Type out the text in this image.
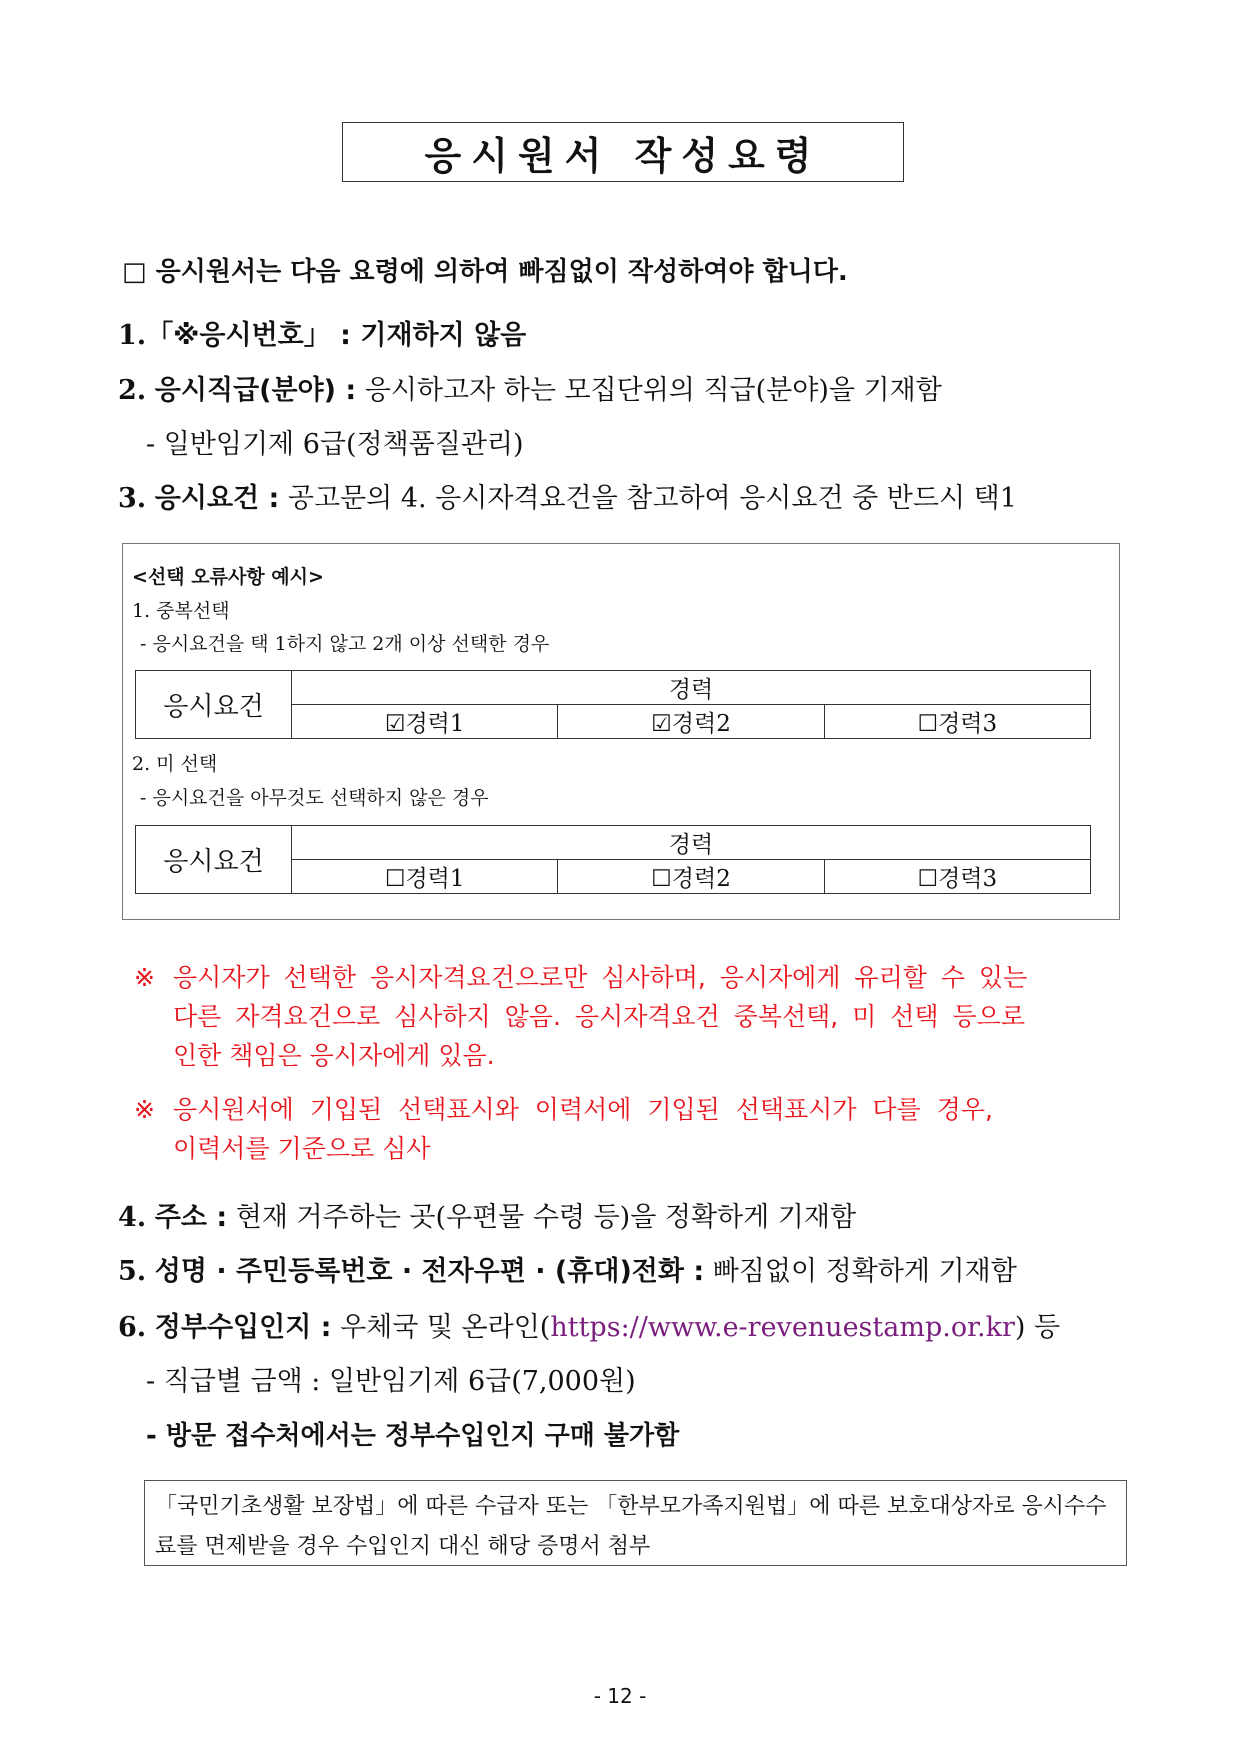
응시원서 작성요령
□ 응시원서는 다음 요령에 의하여 빠짐없이 작성하여야 합니다.
1.「※응시번호」 : 기재하지 않음
2. 응시직급(분야) : 응시하고자 하는 모집단위의 직급(분야)을 기재함
- 일반임기제 6급(정책품질관리)
3. 응시요건 : 공고문의 4. 응시자격요건을 참고하여 응시요건 중 반드시 택1
<선택 오류사항 예시>
1. 중복선택
- 응시요건을 택 1하지 않고 2개 이상 선택한 경우
응시요건	경력		
	☑경력1	☑경력2	☐경력3
2. 미 선택
- 응시요건을 아무것도 선택하지 않은 경우
응시요건	경력		
	☐경력1	☐경력2	☐경력3
※ 응시자가 선택한 응시자격요건으로만 심사하며, 응시자에게 유리할 수 있는
다른 자격요건으로 심사하지 않음. 응시자격요건 중복선택, 미 선택 등으로
인한 책임은 응시자에게 있음.
※ 응시원서에 기입된 선택표시와 이력서에 기입된 선택표시가 다를 경우,
이력서를 기준으로 심사
4. 주소 : 현재 거주하는 곳(우편물 수령 등)을 정확하게 기재함
5. 성명 · 주민등록번호 · 전자우편 · (휴대)전화 : 빠짐없이 정확하게 기재함
6. 정부수입인지 : 우체국 및 온라인(https://www.e-revenuestamp.or.kr) 등
- 직급별 금액 : 일반임기제 6급(7,000원)
- 방문 접수처에서는 정부수입인지 구매 불가함
「국민기초생활 보장법」에 따른 수급자 또는 「한부모가족지원법」에 따른 보호대상자로 응시수수료를 면제받을 경우 수입인지 대신 해당 증명서 첨부
- 12 -
